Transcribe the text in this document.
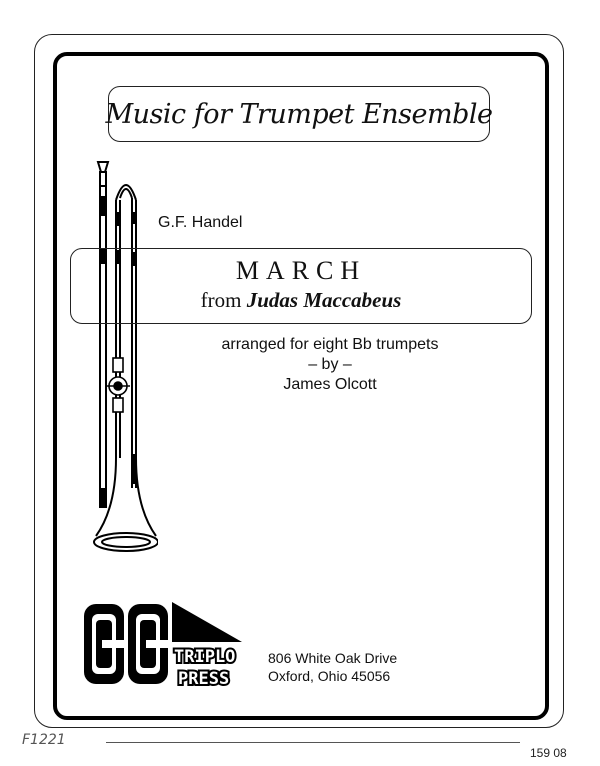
Music for Trumpet Ensemble
G.F. Handel
MARCH
from Judas Maccabeus
arranged for eight Bb trumpets
– by –
James Olcott
TRIPLO
PRESS
806 White Oak Drive
Oxford, Ohio 45056
F1221
159 08
